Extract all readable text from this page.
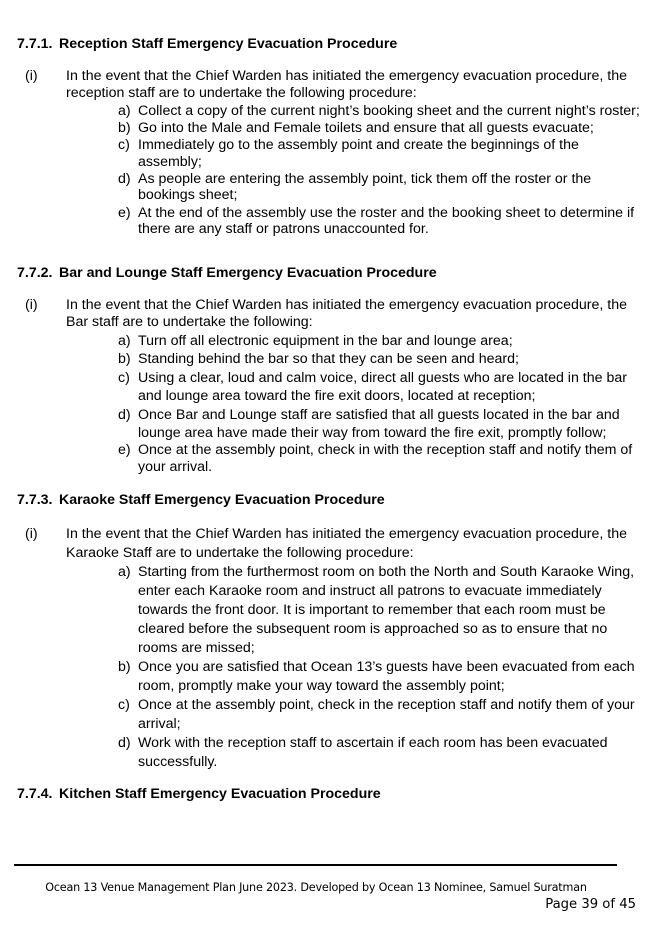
7.7.1. Reception Staff Emergency Evacuation Procedure
(i) In the event that the Chief Warden has initiated the emergency evacuation procedure, the reception staff are to undertake the following procedure:
a) Collect a copy of the current night’s booking sheet and the current night’s roster;
b) Go into the Male and Female toilets and ensure that all guests evacuate;
c) Immediately go to the assembly point and create the beginnings of the assembly;
d) As people are entering the assembly point, tick them off the roster or the bookings sheet;
e) At the end of the assembly use the roster and the booking sheet to determine if there are any staff or patrons unaccounted for.
7.7.2. Bar and Lounge Staff Emergency Evacuation Procedure
(i) In the event that the Chief Warden has initiated the emergency evacuation procedure, the Bar staff are to undertake the following:
a) Turn off all electronic equipment in the bar and lounge area;
b) Standing behind the bar so that they can be seen and heard;
c) Using a clear, loud and calm voice, direct all guests who are located in the bar and lounge area toward the fire exit doors, located at reception;
d) Once Bar and Lounge staff are satisfied that all guests located in the bar and lounge area have made their way from toward the fire exit, promptly follow;
e) Once at the assembly point, check in with the reception staff and notify them of your arrival.
7.7.3. Karaoke Staff Emergency Evacuation Procedure
(i) In the event that the Chief Warden has initiated the emergency evacuation procedure, the Karaoke Staff are to undertake the following procedure:
a) Starting from the furthermost room on both the North and South Karaoke Wing, enter each Karaoke room and instruct all patrons to evacuate immediately towards the front door. It is important to remember that each room must be cleared before the subsequent room is approached so as to ensure that no rooms are missed;
b) Once you are satisfied that Ocean 13’s guests have been evacuated from each room, promptly make your way toward the assembly point;
c) Once at the assembly point, check in the reception staff and notify them of your arrival;
d) Work with the reception staff to ascertain if each room has been evacuated successfully.
7.7.4. Kitchen Staff Emergency Evacuation Procedure
Ocean 13 Venue Management Plan June 2023. Developed by Ocean 13 Nominee, Samuel Suratman
Page 39 of 45
